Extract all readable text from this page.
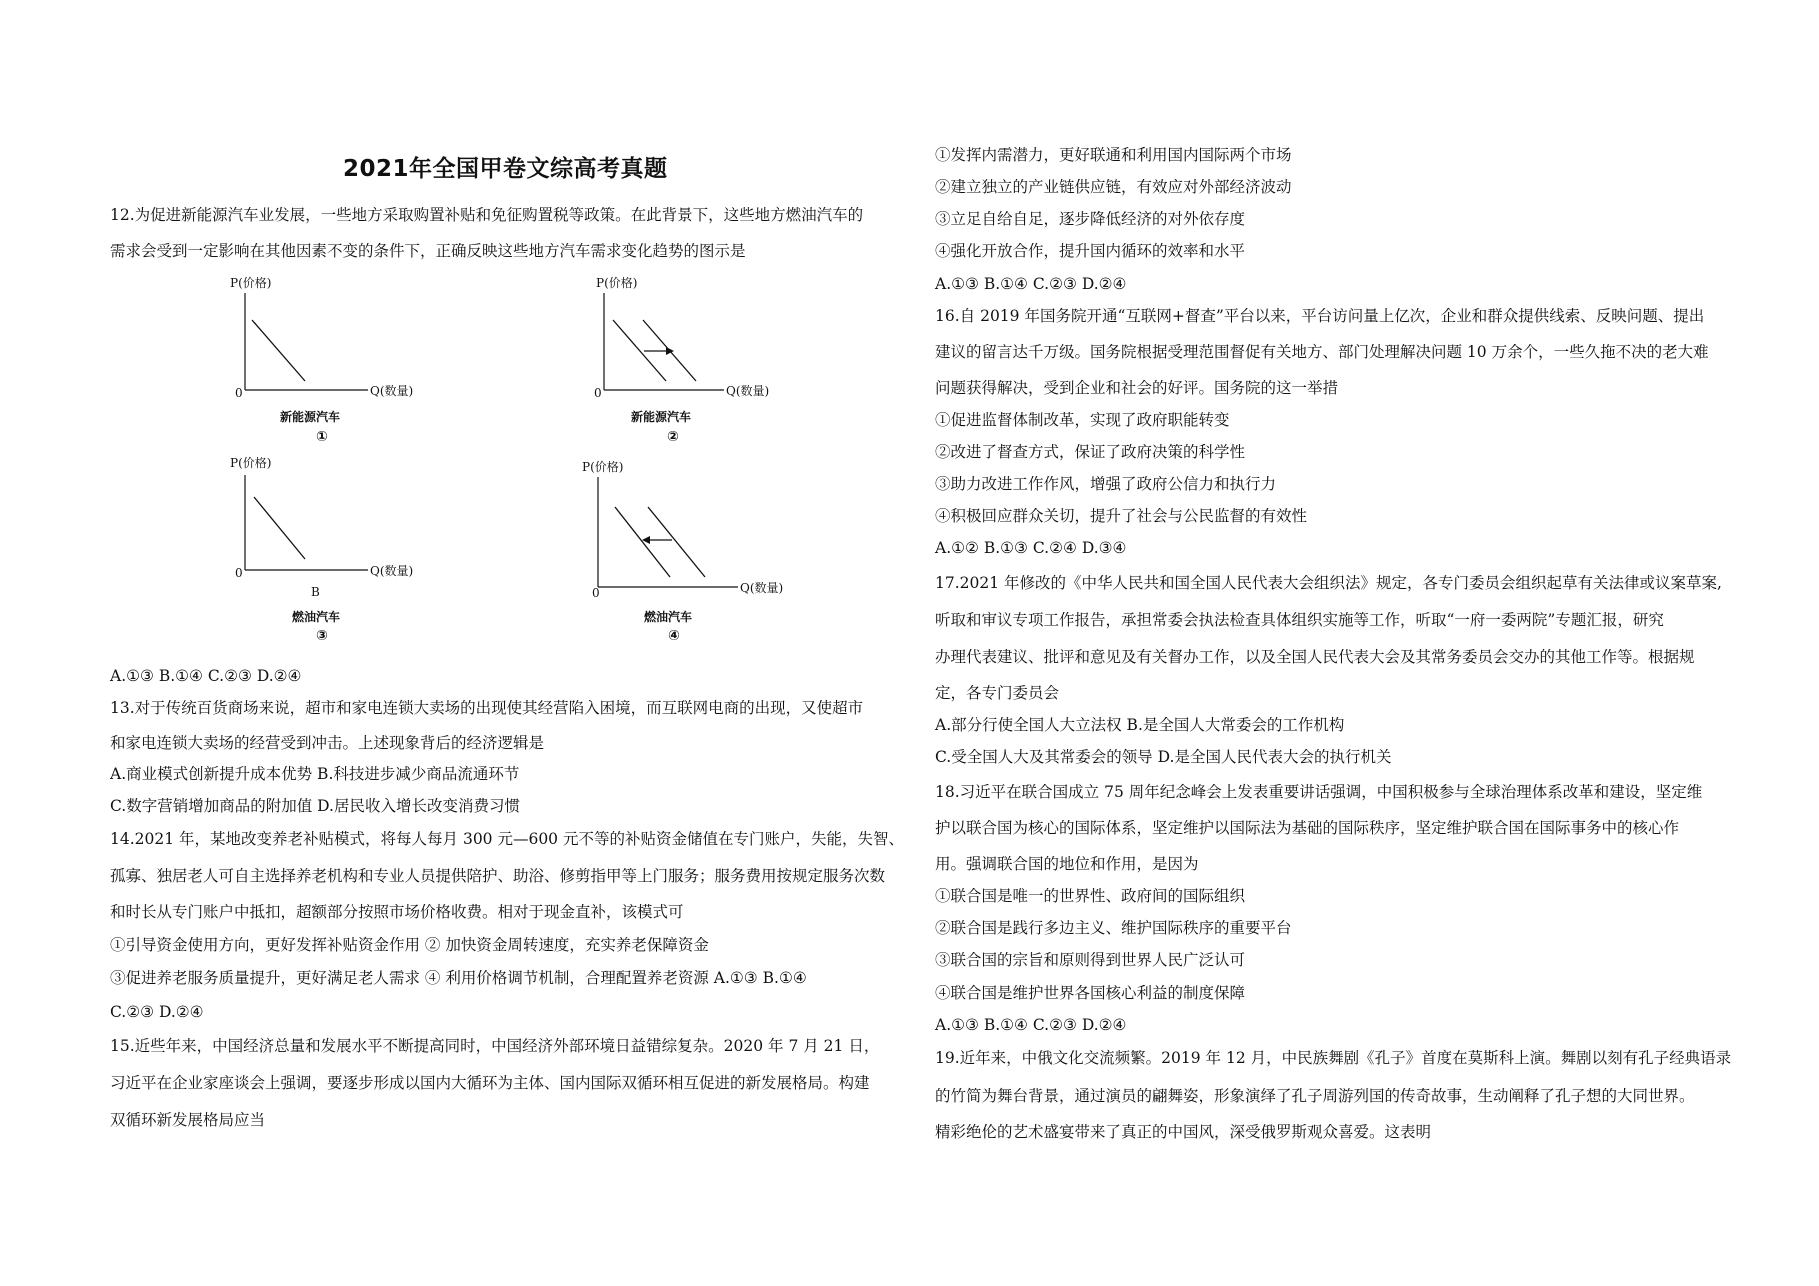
2021年全国甲卷文综高考真题
12.为促进新能源汽车业发展，一些地方采取购置补贴和免征购置税等政策。在此背景下，这些地方燃油汽车的
需求会受到一定影响在其他因素不变的条件下，正确反映这些地方汽车需求变化趋势的图示是
P(价格)
0	Q(数量)
新能源汽车
①
P(价格)
0	Q(数量)
新能源汽车
②
P(价格)
0	Q(数量)
B
燃油汽车
③
P(价格)
0	Q(数量)
燃油汽车
④
A.①③ B.①④ C.②③ D.②④
13.对于传统百货商场来说，超市和家电连锁大卖场的出现使其经营陷入困境，而互联网电商的出现，又使超市
和家电连锁大卖场的经营受到冲击。上述现象背后的经济逻辑是
A.商业模式创新提升成本优势 B.科技进步减少商品流通环节
C.数字营销增加商品的附加值 D.居民收入增长改变消费习惯
14.2021 年，某地改变养老补贴模式，将每人每月 300 元—600 元不等的补贴资金储值在专门账户，失能，失智、
孤寡、独居老人可自主选择养老机构和专业人员提供陪护、助浴、修剪指甲等上门服务；服务费用按规定服务次数
和时长从专门账户中抵扣，超额部分按照市场价格收费。相对于现金直补，该模式可
①引导资金使用方向，更好发挥补贴资金作用 ② 加快资金周转速度，充实养老保障资金
③促进养老服务质量提升，更好满足老人需求 ④ 利用价格调节机制，合理配置养老资源 A.①③ B.①④
C.②③ D.②④
15.近些年来，中国经济总量和发展水平不断提高同时，中国经济外部环境日益错综复杂。2020 年 7 月 21 日，
习近平在企业家座谈会上强调，要逐步形成以国内大循环为主体、国内国际双循环相互促进的新发展格局。构建
双循环新发展格局应当
①发挥内需潜力，更好联通和利用国内国际两个市场
②建立独立的产业链供应链，有效应对外部经济波动
③立足自给自足，逐步降低经济的对外依存度
④强化开放合作，提升国内循环的效率和水平
A.①③ B.①④ C.②③ D.②④
16.自 2019 年国务院开通“互联网+督查”平台以来，平台访问量上亿次，企业和群众提供线索、反映问题、提出
建议的留言达千万级。国务院根据受理范围督促有关地方、部门处理解决问题 10 万余个，一些久拖不决的老大难
问题获得解决，受到企业和社会的好评。国务院的这一举措
①促进监督体制改革，实现了政府职能转变
②改进了督查方式，保证了政府决策的科学性
③助力改进工作作风，增强了政府公信力和执行力
④积极回应群众关切，提升了社会与公民监督的有效性
A.①② B.①③ C.②④ D.③④
17.2021 年修改的《中华人民共和国全国人民代表大会组织法》规定，各专门委员会组织起草有关法律或议案草案,
听取和审议专项工作报告，承担常委会执法检查具体组织实施等工作，听取“一府一委两院”专题汇报，研究
办理代表建议、批评和意见及有关督办工作，以及全国人民代表大会及其常务委员会交办的其他工作等。根据规
定，各专门委员会
A.部分行使全国人大立法权 B.是全国人大常委会的工作机构
C.受全国人大及其常委会的领导 D.是全国人民代表大会的执行机关
18.习近平在联合国成立 75 周年纪念峰会上发表重要讲话强调，中国积极参与全球治理体系改革和建设，坚定维
护以联合国为核心的国际体系，坚定维护以国际法为基础的国际秩序，坚定维护联合国在国际事务中的核心作
用。强调联合国的地位和作用，是因为
①联合国是唯一的世界性、政府间的国际组织
②联合国是践行多边主义、维护国际秩序的重要平台
③联合国的宗旨和原则得到世界人民广泛认可
④联合国是维护世界各国核心利益的制度保障
A.①③ B.①④ C.②③ D.②④
19.近年来，中俄文化交流频繁。2019 年 12 月，中民族舞剧《孔子》首度在莫斯科上演。舞剧以刻有孔子经典语录
的竹简为舞台背景，通过演员的翩舞姿，形象演绎了孔子周游列国的传奇故事，生动阐释了孔子想的大同世界。
精彩绝伦的艺术盛宴带来了真正的中国风，深受俄罗斯观众喜爱。这表明
